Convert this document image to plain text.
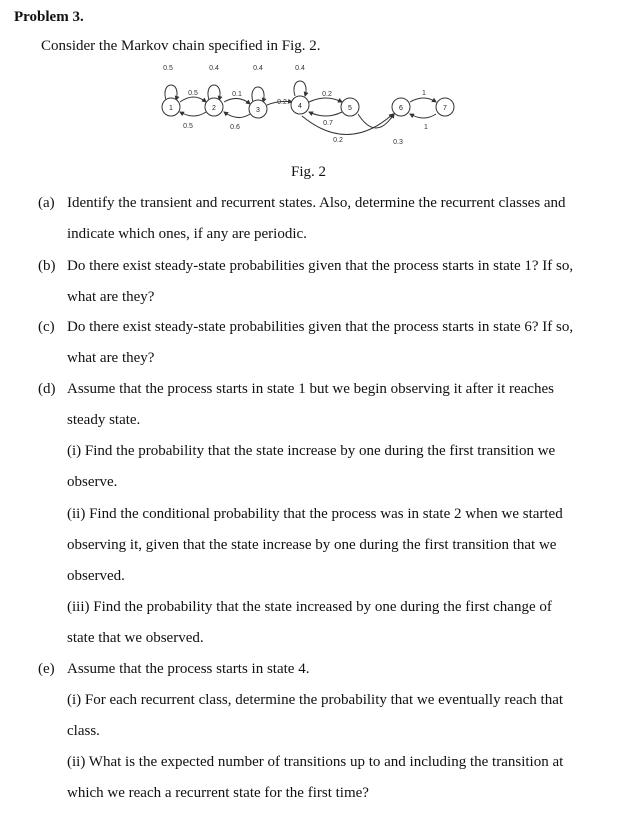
Problem 3.
Consider the Markov chain specified in Fig. 2.
1	2	3
4	5	6	7
0.5	0.4	0.4	0.4
0.5
0.5
0.1
0.6
0.2
0.2
0.7
0.2	0.3
1
1
Fig. 2
(a) Identify the transient and recurrent states. Also, determine the recurrent classes and
indicate which ones, if any are periodic.
(b) Do there exist steady-state probabilities given that the process starts in state 1? If so,
what are they?
(c) Do there exist steady-state probabilities given that the process starts in state 6? If so,
what are they?
(d) Assume that the process starts in state 1 but we begin observing it after it reaches
steady state.
(i) Find the probability that the state increase by one during the first transition we
observe.
(ii) Find the conditional probability that the process was in state 2 when we started
observing it, given that the state increase by one during the first transition that we
observed.
(iii) Find the probability that the state increased by one during the first change of
state that we observed.
(e) Assume that the process starts in state 4.
(i) For each recurrent class, determine the probability that we eventually reach that
class.
(ii) What is the expected number of transitions up to and including the transition at
which we reach a recurrent state for the first time?
